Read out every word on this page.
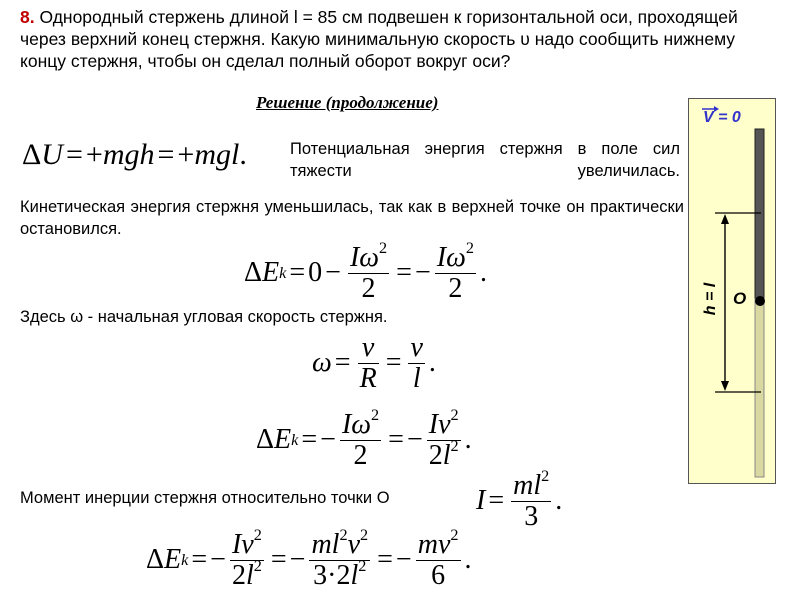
8. Однородный стержень длиной l = 85 см подвешен к горизонтальной оси, проходящей через верхний конец стержня. Какую минимальную скорость υ надо сообщить нижнему концу стержня, чтобы он сделал полный оборот вокруг оси?
Решение (продолжение)
Δ U = + mgh = + mgl .	Потенциальная энергия стержня в поле сил тяжести увеличилась.
Кинетическая энергия стержня уменьшилась, так как в верхней точке он практически остановился.
Δ E $k = 0 - \frac{I\omega^2}{2}$ = − $\frac{I\omega^2}{2}$ .
Здесь ω - начальная угловая скорость стержня.
$\omega = \frac{v}{R} = \frac{v}{l}$ .
Δ E k = − $\frac{I\omega^2}{2}$ = − $\frac{Iv^2}{2l^2}$ .
Момент инерции стержня относительно точки О	$I = \frac{ml^2}{3}$ .
Δ E k = − $\frac{Iv^2}{2l^2}$ = − $\frac{ml^2v^2}{3\cdot 2l^2}$ = − $\frac{mv^2}{6}$ .
V = 0
O
h = l
